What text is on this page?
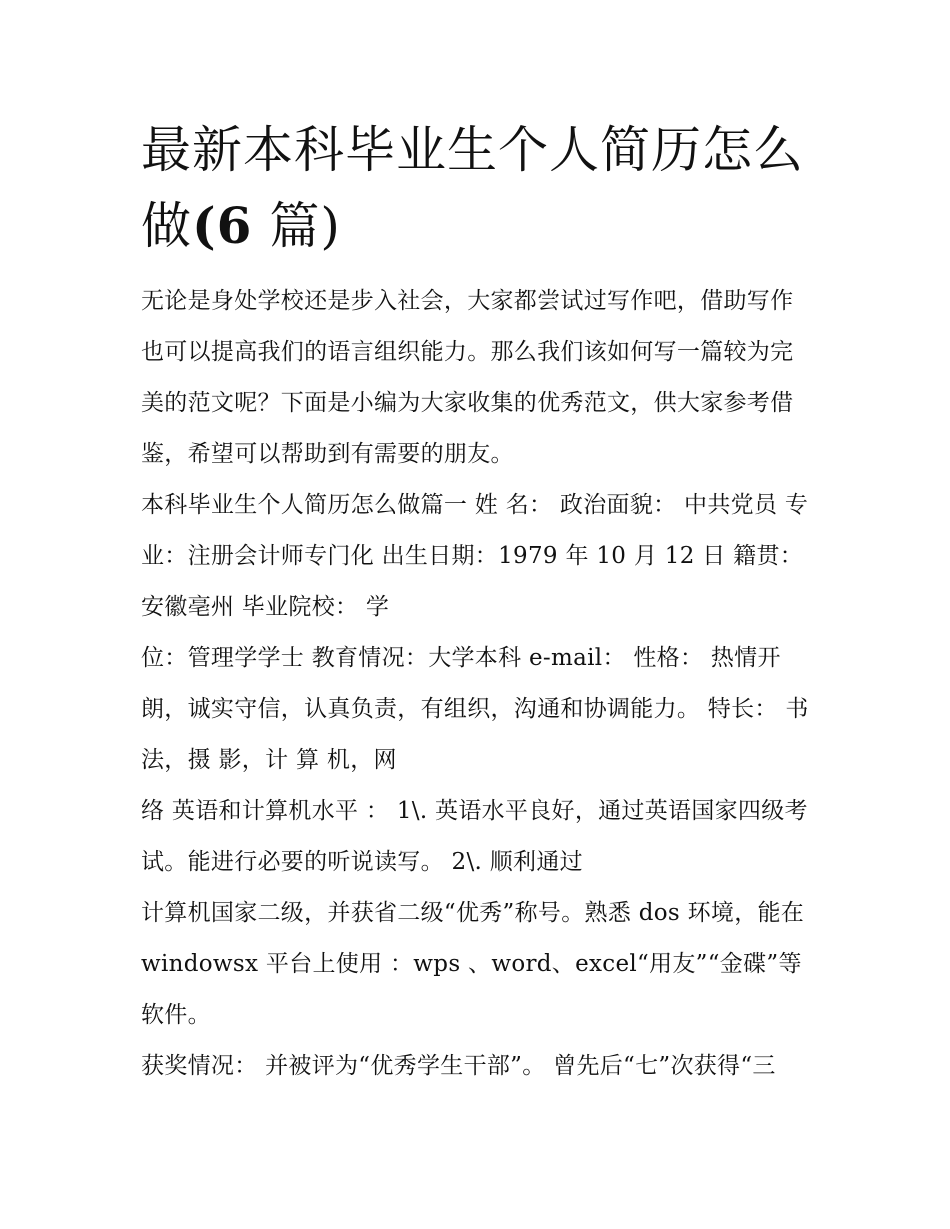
最新本科毕业生个人简历怎么
做(6 篇)

无论是身处学校还是步入社会，大家都尝试过写作吧，借助写作也可以提高我们的语言组织能力。那么我们该如何写一篇较为完美的范文呢？下面是小编为大家收集的优秀范文，供大家参考借鉴，希望可以帮助到有需要的朋友。

本科毕业生个人简历怎么做篇一 姓 名： 政治面貌： 中共党员 专 业：注册会计师专门化 出生日期：1979 年 10 月 12 日 籍贯：安徽亳州 毕业院校： 学

位：管理学学士 教育情况：大学本科 e-mail： 性格： 热情开朗，诚实守信，认真负责，有组织，沟通和协调能力。 特长： 书 法，摄 影，计 算 机，网

络 英语和计算机水平 ： 1\. 英语水平良好，通过英语国家四级考试。能进行必要的听说读写。 2\. 顺利通过

计算机国家二级，并获省二级“优秀”称号。熟悉 dos 环境，能在 windowsx 平台上使用 ：wps 、word、excel“用友”“金碟”等软件。

获奖情况： 并被评为“优秀学生干部”。 曾先后“七”次获得“三
